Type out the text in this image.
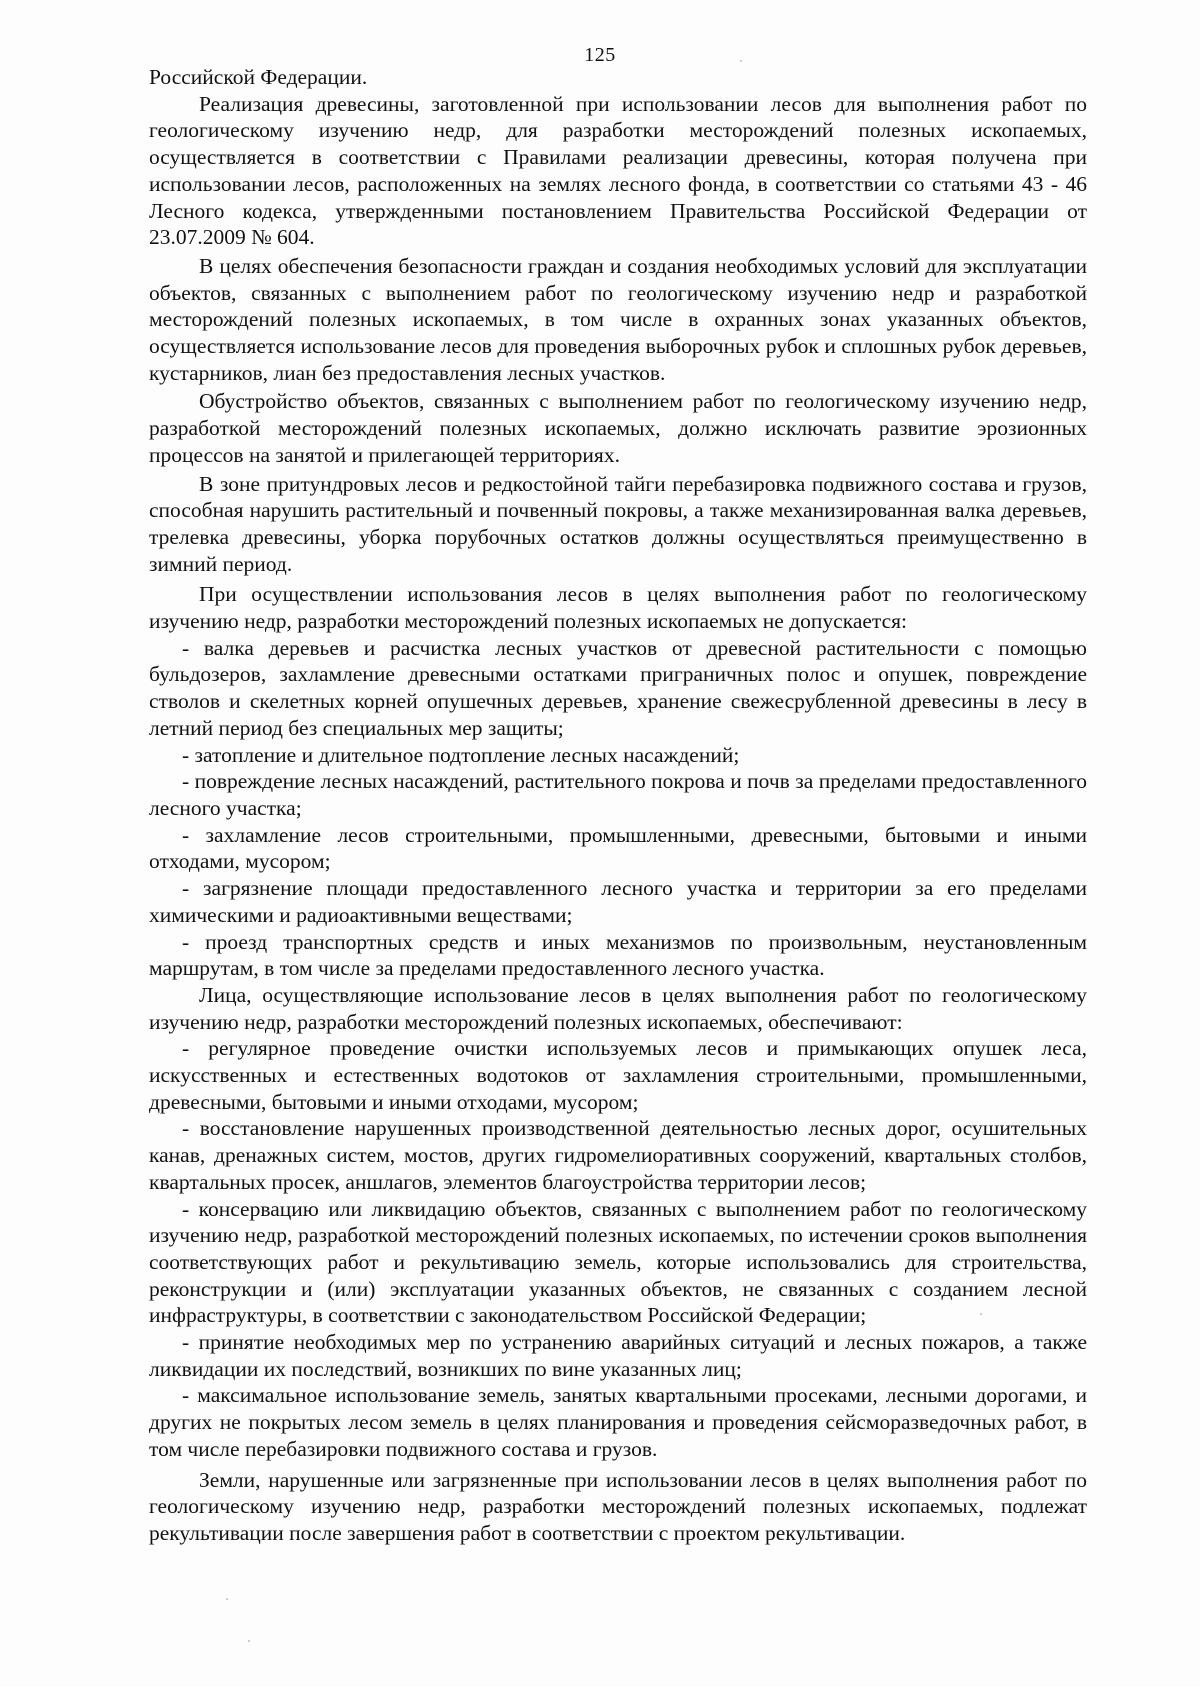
125

Российской Федерации.

Реализация древесины, заготовленной при использовании лесов для выполнения работ по геологическому изучению недр, для разработки месторождений полезных ископаемых, осуществляется в соответствии с Правилами реализации древесины, которая получена при использовании лесов, расположенных на землях лесного фонда, в соответствии со статьями 43 - 46 Лесного кодекса, утвержденными постановлением Правительства Российской Федерации от 23.07.2009 № 604.

В целях обеспечения безопасности граждан и создания необходимых условий для эксплуатации объектов, связанных с выполнением работ по геологическому изучению недр и разработкой месторождений полезных ископаемых, в том числе в охранных зонах указанных объектов, осуществляется использование лесов для проведения выборочных рубок и сплошных рубок деревьев, кустарников, лиан без предоставления лесных участков.

Обустройство объектов, связанных с выполнением работ по геологическому изучению недр, разработкой месторождений полезных ископаемых, должно исключать развитие эрозионных процессов на занятой и прилегающей территориях.

В зоне притундровых лесов и редкостойной тайги перебазировка подвижного состава и грузов, способная нарушить растительный и почвенный покровы, а также механизированная валка деревьев, трелевка древесины, уборка порубочных остатков должны осуществляться преимущественно в зимний период.

При осуществлении использования лесов в целях выполнения работ по геологическому изучению недр, разработки месторождений полезных ископаемых не допускается:

- валка деревьев и расчистка лесных участков от древесной растительности с помощью бульдозеров, захламление древесными остатками приграничных полос и опушек, повреждение стволов и скелетных корней опушечных деревьев, хранение свежесрубленной древесины в лесу в летний период без специальных мер защиты;

- затопление и длительное подтопление лесных насаждений;

- повреждение лесных насаждений, растительного покрова и почв за пределами предоставленного лесного участка;

- захламление лесов строительными, промышленными, древесными, бытовыми и иными отходами, мусором;

- загрязнение площади предоставленного лесного участка и территории за его пределами химическими и радиоактивными веществами;

- проезд транспортных средств и иных механизмов по произвольным, неустановленным маршрутам, в том числе за пределами предоставленного лесного участка.

Лица, осуществляющие использование лесов в целях выполнения работ по геологическому изучению недр, разработки месторождений полезных ископаемых, обеспечивают:

- регулярное проведение очистки используемых лесов и примыкающих опушек леса, искусственных и естественных водотоков от захламления строительными, промышленными, древесными, бытовыми и иными отходами, мусором;

- восстановление нарушенных производственной деятельностью лесных дорог, осушительных канав, дренажных систем, мостов, других гидромелиоративных сооружений, квартальных столбов, квартальных просек, аншлагов, элементов благоустройства территории лесов;

- консервацию или ликвидацию объектов, связанных с выполнением работ по геологическому изучению недр, разработкой месторождений полезных ископаемых, по истечении сроков выполнения соответствующих работ и рекультивацию земель, которые использовались для строительства, реконструкции и (или) эксплуатации указанных объектов, не связанных с созданием лесной инфраструктуры, в соответствии с законодательством Российской Федерации;

- принятие необходимых мер по устранению аварийных ситуаций и лесных пожаров, а также ликвидации их последствий, возникших по вине указанных лиц;

- максимальное использование земель, занятых квартальными просеками, лесными дорогами, и других не покрытых лесом земель в целях планирования и проведения сейсморазведочных работ, в том числе перебазировки подвижного состава и грузов.

Земли, нарушенные или загрязненные при использовании лесов в целях выполнения работ по геологическому изучению недр, разработки месторождений полезных ископаемых, подлежат рекультивации после завершения работ в соответствии с проектом рекультивации.
